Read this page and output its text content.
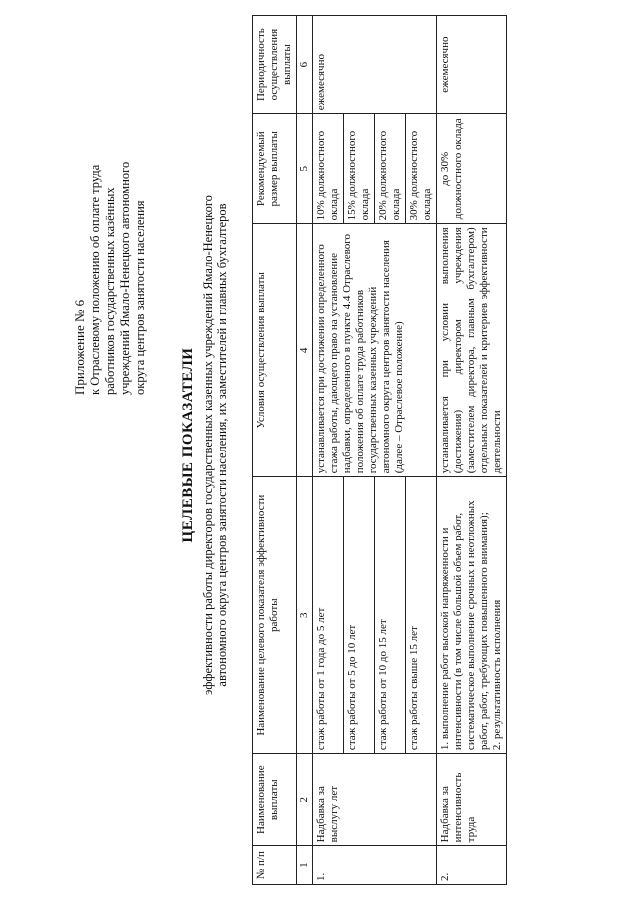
Приложение № 6 к Отраслевому положению об оплате труда работников государственных казённых учреждений Ямало-Ненецкого автономного округа центров занятости населения
ЦЕЛЕВЫЕ ПОКАЗАТЕЛИ эффективности работы директоров государственных казенных учреждений Ямало-Ненецкого автономного округа центров занятости населения, их заместителей и главных бухгалтеров
№ п/п	Наименование выплаты	Наименование целевого показателя эффективности работы	Условия осуществления выплаты	Рекомендуемый размер выплаты	Периодичность осуществления выплаты
1	2	3	4	5	6
1.	Надбавка за выслугу лет	стаж работы от 1 года до 5 лет	устанавливается при достижении определенного стажа работы, дающего право на установление надбавки, определенного в пункте 4.4 Отраслевого положения об оплате труда работников государственных казенных учреждений автономного округа центров занятости населения (далее – Отраслевое положение)	10% должностного оклада	ежемесячно
		стаж работы от 5 до 10 лет		15% должностного оклада	
		стаж работы от 10 до 15 лет		20% должностного оклада	
		стаж работы свыше 15 лет		30% должностного оклада	
2.	Надбавка за интенсивность труда	1. выполнение работ высокой напряженности и интенсивности (в том числе большой объем работ, систематическое выполнение срочных и неотложных работ, работ, требующих повышенного внимания); 2. результативность исполнения	устанавливается при условии выполнения (достижения) директором учреждения (заместителем директора, главным бухгалтером) отдельных показателей и критериев эффективности деятельности	до 30% должностного оклада	ежемесячно
